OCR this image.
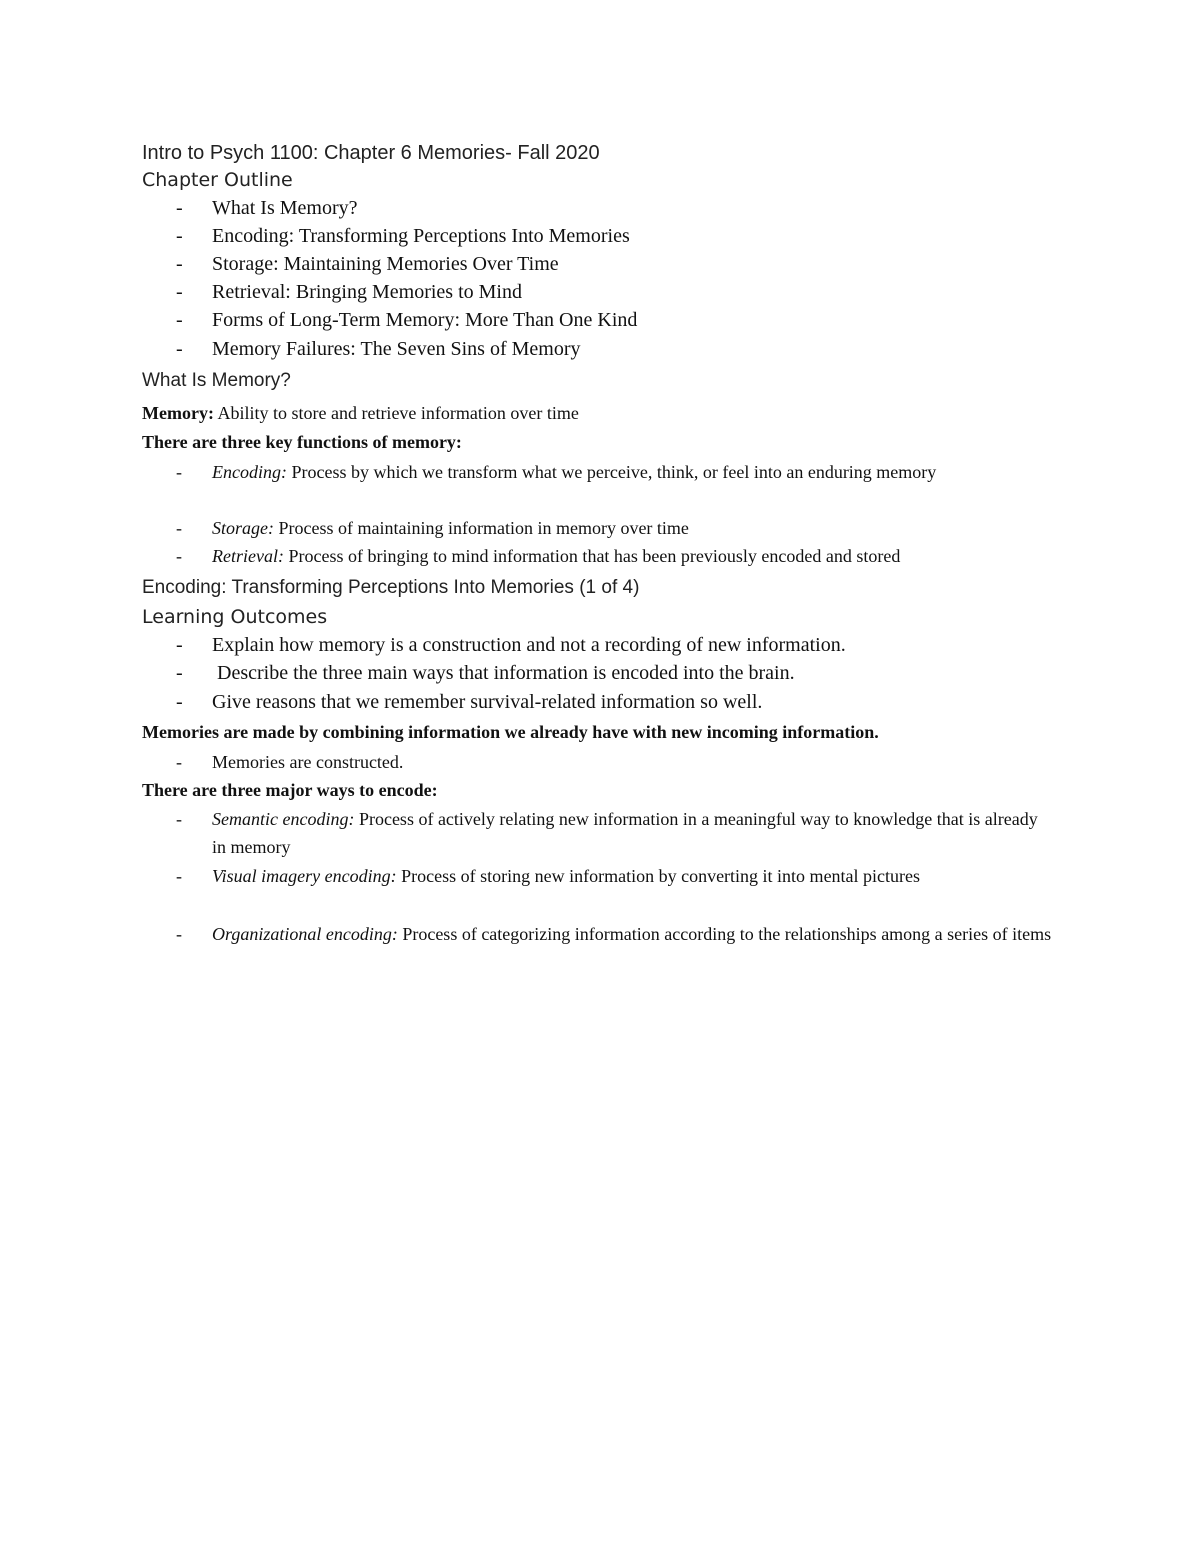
Intro to Psych 1100: Chapter 6 Memories- Fall 2020
Chapter Outline
- What Is Memory?
- Encoding: Transforming Perceptions Into Memories
- Storage: Maintaining Memories Over Time
- Retrieval: Bringing Memories to Mind
- Forms of Long-Term Memory: More Than One Kind
- Memory Failures: The Seven Sins of Memory
What Is Memory?
Memory: Ability to store and retrieve information over time
There are three key functions of memory:
- Encoding: Process by which we transform what we perceive, think, or feel into an enduring memory
- Storage: Process of maintaining information in memory over time
- Retrieval: Process of bringing to mind information that has been previously encoded and stored
Encoding: Transforming Perceptions Into Memories (1 of 4)
Learning Outcomes
- Explain how memory is a construction and not a recording of new information.
- Describe the three main ways that information is encoded into the brain.
- Give reasons that we remember survival-related information so well.
Memories are made by combining information we already have with new incoming information.
- Memories are constructed.
There are three major ways to encode:
- Semantic encoding: Process of actively relating new information in a meaningful way to knowledge that is already in memory
- Visual imagery encoding: Process of storing new information by converting it into mental pictures
- Organizational encoding: Process of categorizing information according to the relationships among a series of items
